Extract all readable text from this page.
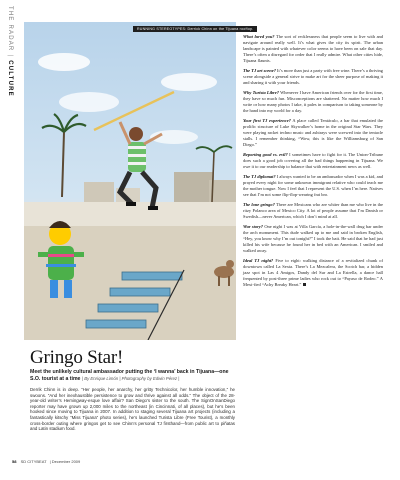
THE RADAR|CULTURE
RUNNING STEREOTYPES: Derrick Chinn on the Tijuana rooftop.
Gringo Star!
Meet the unlikely cultural ambassador putting the ‘I wanna’ back in Tijuana—one S.O. tourist at a time | By Enrique Limón | Photography by Edwin Pérez |

Derrik Chinn is in deep. “Her people, her anarchy, her gritty Technicolor, her humble innovation,” he swoons. “And her inexhaustible persistence to grow and thrive against all odds.” The object of the 28-year-old writer’s Hemingway-esque love affair? San Diego’s sister to the south. The SignOnSanDiego reporter may have grown up 2,000 miles to the northeast (in Cincinnati, of all places), but he’s been hooked since moving to Tijuana in 2007. In addition to staging several Tijuana art projects (including a fantastically kitschy “Miss Tijuana” photo series), he’s launched Turista Libre (Free Tourist), a monthly cross-border outing where gringos get to see Chinn’s personal TJ firsthand—from public art to piñatas and Latin stadium food.

What lured you? The sort of recklessness that people seem to live with and navigate around really well. It’s what gives the city its spirit. The urban landscape is painted with whatever color seems to have been on sale that day. There’s often a disregard for order that I really admire. What other cities hide, Tijuana flaunts.

The TJ art scene? It’s more than just a party with free wine. There’s a thriving scene alongside a general strive to make art for the sheer purpose of making it and sharing it with your friends.

Why Turista Libre? Whenever I have American friends over for the first time, they have so much fun. Misconceptions are shattered. No matter how much I write or how many photos I take, it pales in comparison to taking someone by the hand into my world for a day.

Your first TJ experience? A place called Tentáculo, a bar that emulated the prolific structure of Luke Skywalker’s home in the original Star Wars. They were playing racket techno music and ashtrays were screwed into the tentacle stalls. I remember thinking, “Wow, this is like the Williamsburg of San Diego.”

Reporting good vs. evil? I sometimes have to fight for it. The Union-Tribune does such a good job covering all the bad things happening in Tijuana. We owe it to our readership to balance that with entertainment news as well.

The TJ diplomat? I always wanted to be an ambassador when I was a kid, and prayed every night for some unknown immigrant relative who could teach me the mother tongue. Now I feel that I represent the U.S. when I’m here. Natives see that I’m not some flip-flop-wearing frat bro.

The lone gringo? There are Mexicans who are whiter than me who live in the ritzy Polanco area of Mexico City. A lot of people assume that I’m Danish or Swedish—never American, which I don’t mind at all.

War story? One night I was at Villa García, a hole-in-the-wall drug bar under the arch monument. This dude walked up to me and said in broken English, “Hey, you know why I’m out tonight?” I took the bait. He said that he had just killed his wife because he found her in bed with an American. I smiled and walked away.

Ideal TJ night? Five to eight: walking distance of a revitalized chunk of downtown called La Sexta. There’s La Mezcalera, the Scotch bar, a hidden jazz spot in Las 4 Amigos, Dandy del Sur and La Estrella, a dance hall frequented by post-three prime ladies who rock out to “Payaso de Rodeo.” A Mexi-fied “Achy Breaky Heart.”

58 SD CITYBEAT | December 2009
